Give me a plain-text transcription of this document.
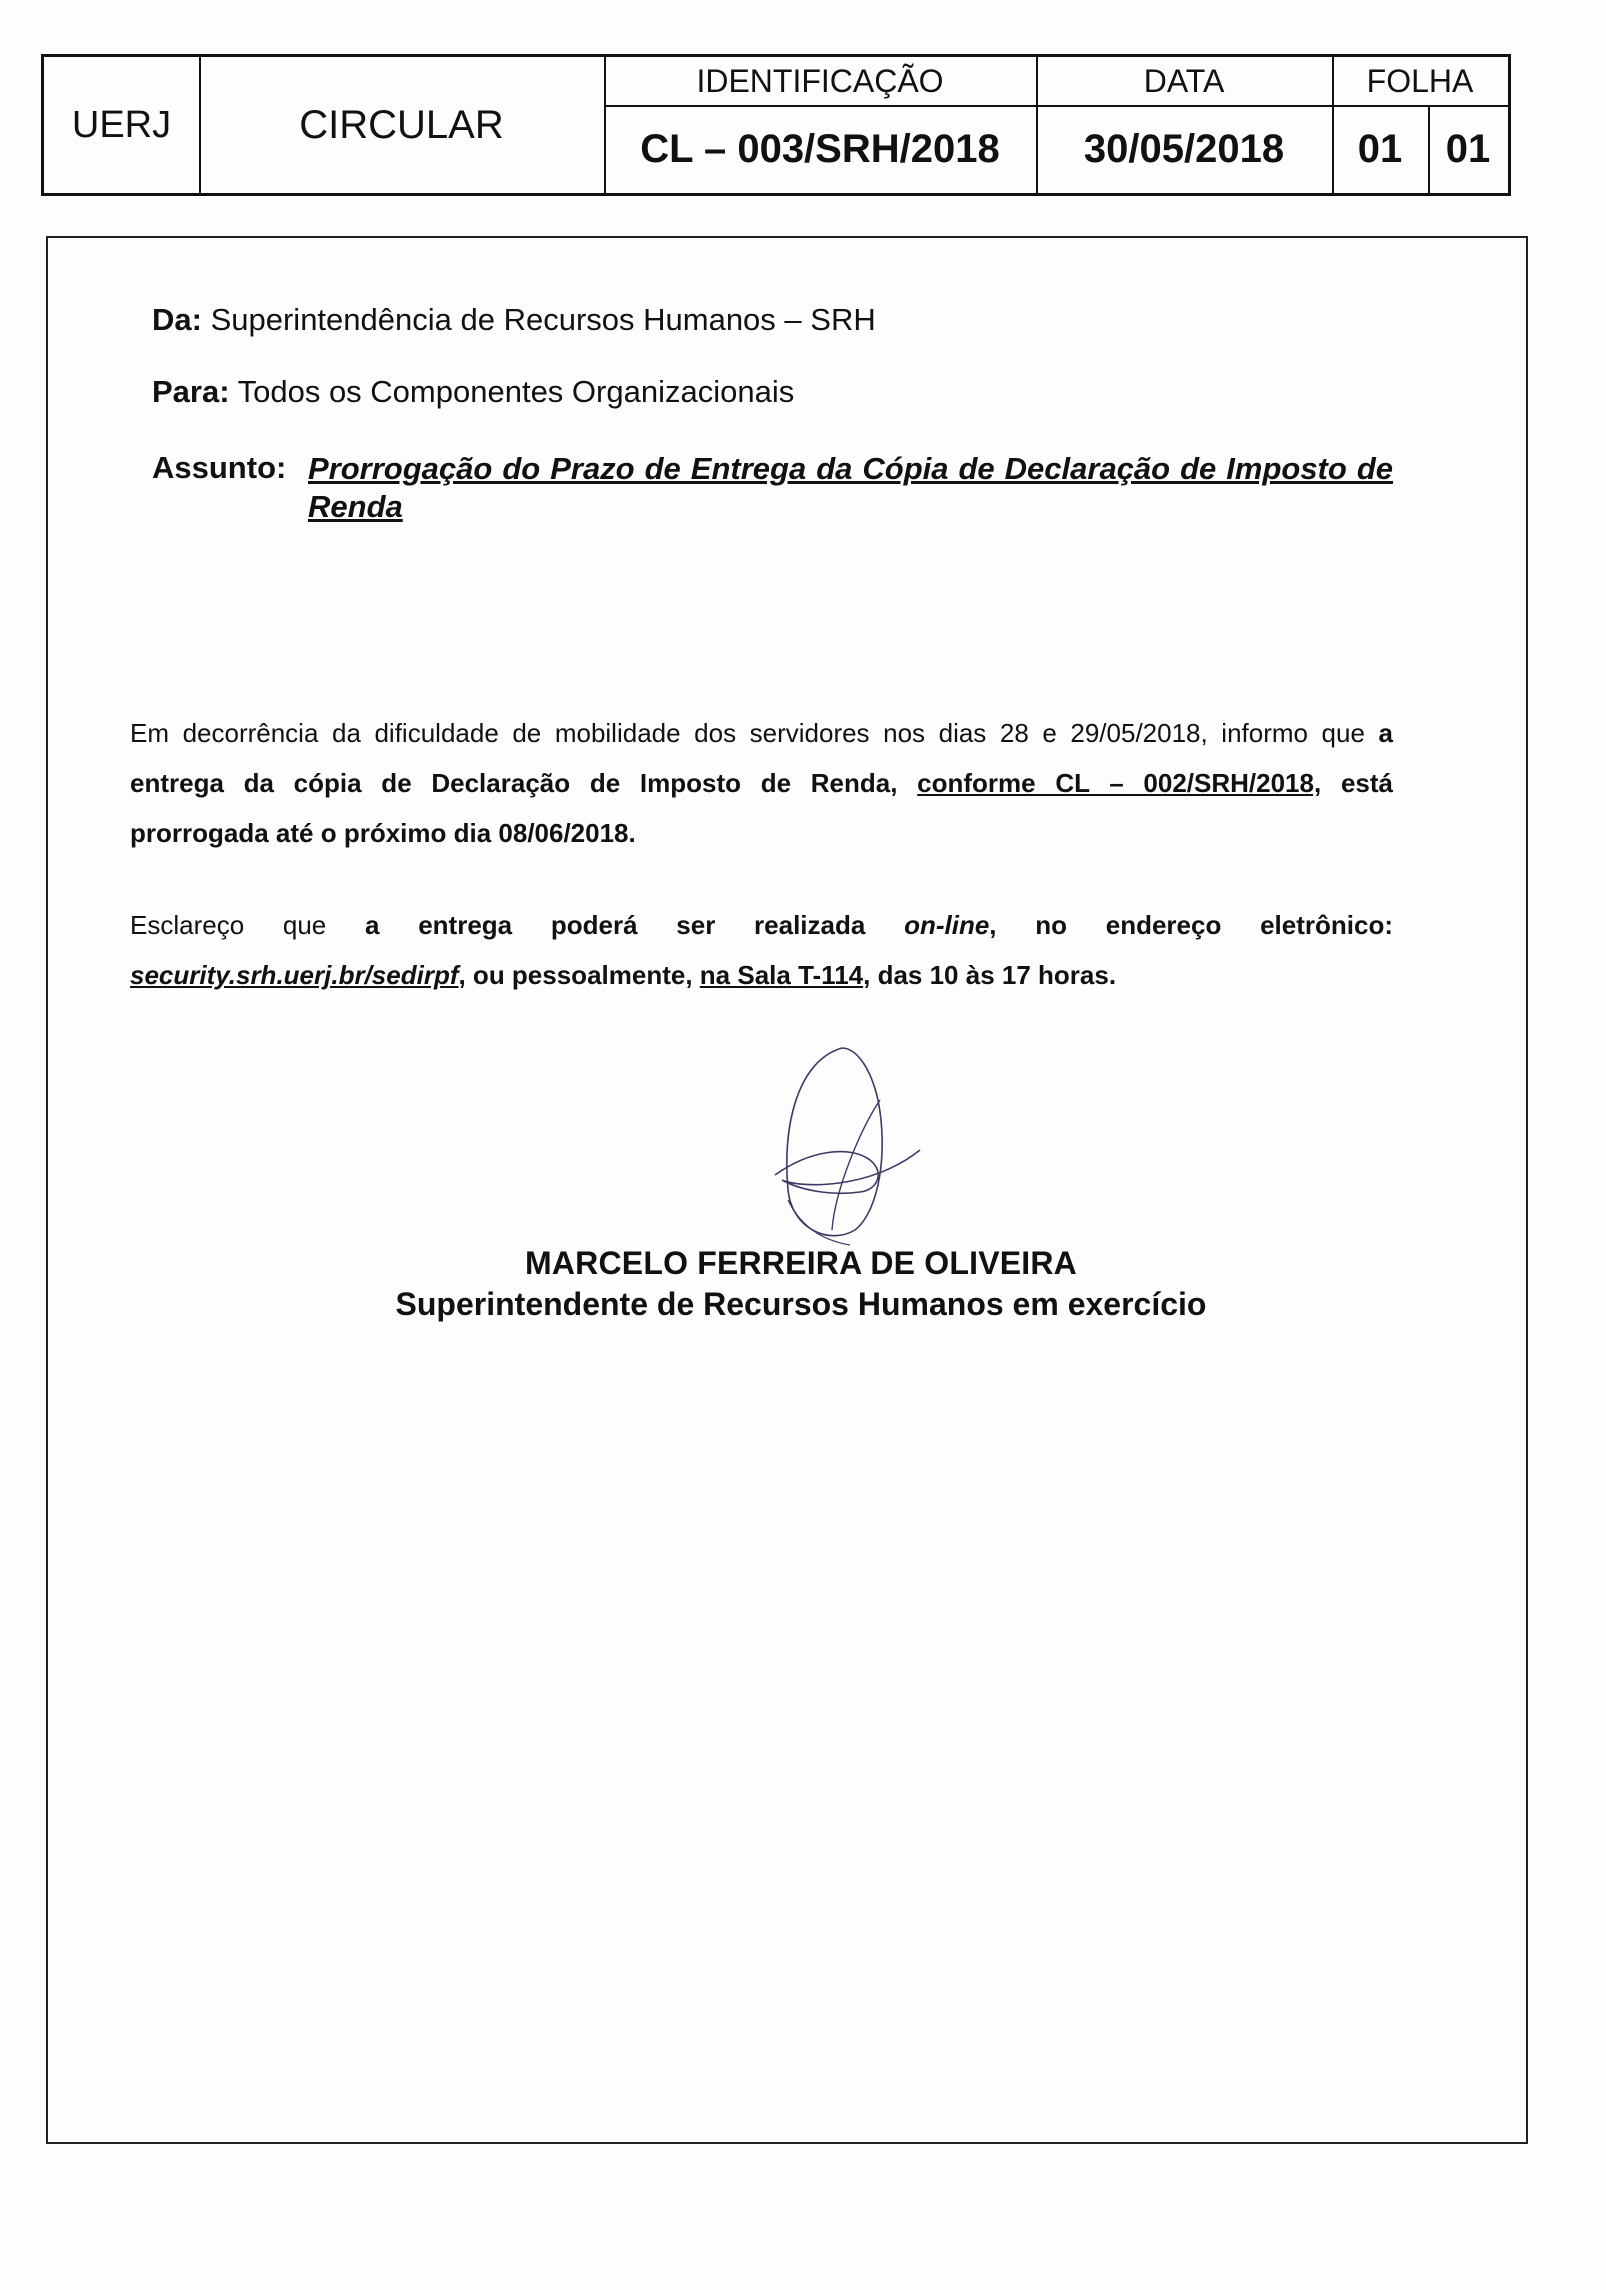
UERJ	CIRCULAR
IDENTIFICAÇÃO
CL – 003/SRH/2018
DATA
30/05/2018
FOLHA
01	01
Da: Superintendência de Recursos Humanos – SRH
Para: Todos os Componentes Organizacionais
Assunto: Prorrogação do Prazo de Entrega da Cópia de Declaração de Imposto de Renda
Em decorrência da dificuldade de mobilidade dos servidores nos dias 28 e 29/05/2018, informo que a
entrega da cópia de Declaração de Imposto de Renda, conforme CL – 002/SRH/2018, está
prorrogada até o próximo dia 08/06/2018.
Esclareço que a entrega poderá ser realizada on-line, no endereço eletrônico:
security.srh.uerj.br/sedirpf, ou pessoalmente, na Sala T-114, das 10 às 17 horas.
MARCELO FERREIRA DE OLIVEIRA
Superintendente de Recursos Humanos em exercício
